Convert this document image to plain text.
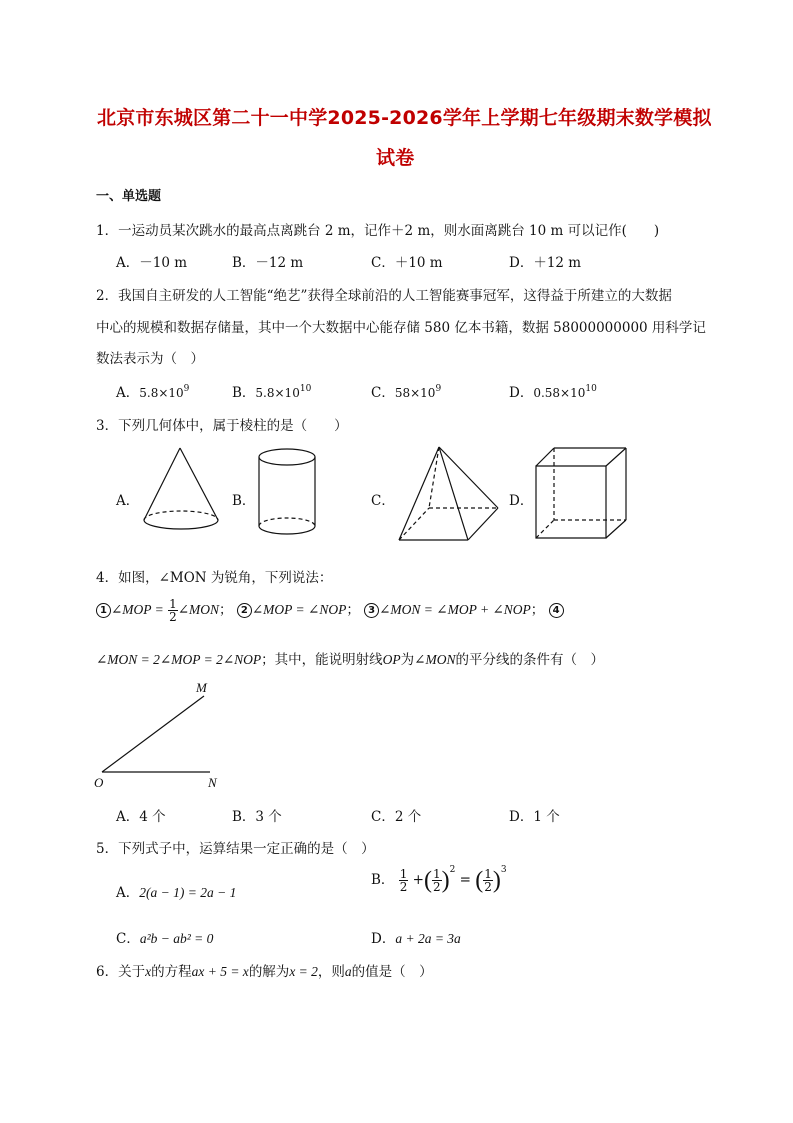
北京市东城区第二十一中学2025-2026学年上学期七年级期末数学模拟
试卷
一、单选题
1．一运动员某次跳水的最高点离跳台 2 m，记作＋2 m，则水面离跳台 10 m 可以记作(　　)
A．－10 m	B．－12 m	C．＋10 m	D．＋12 m
2．我国自主研发的人工智能“绝艺”获得全球前沿的人工智能赛事冠军，这得益于所建立的大数据
中心的规模和数据存储量，其中一个大数据中心能存储 580 亿本书籍，数据 58000000000 用科学记
数法表示为（　）
A．$5.8\times 10^9$	B．$5.8\times 10^{10}$	C．$58\times 10^9$	D．$0.58\times 10^{10}$
3．下列几何体中，属于棱柱的是（　　）
A．	B．	C．	D．
4．如图，∠MON 为锐角，下列说法：
1 ∠MOP = $\frac{1}{2}$ ∠MON； 2 ∠MOP = ∠NOP； 3 ∠MON = ∠MOP + ∠NOP； 4
∠MON = 2∠MOP = 2∠NOP；其中，能说明射线OP为∠MON的平分线的条件有（　）
M
O	N
A．4 个	B．3 个	C．2 个	D．1 个
5．下列式子中，运算结果一定正确的是（　）
A．2(a − 1) = 2a − 1
B． $\frac{1}{2}$ +( $\frac{1}{2} )^2$ = ( $\frac{1}{2} )^3$
C．a²b − ab² = 0	D．a + 2a = 3a
6．关于x的方程ax + 5 = x的解为x = 2，则a的值是（　）
